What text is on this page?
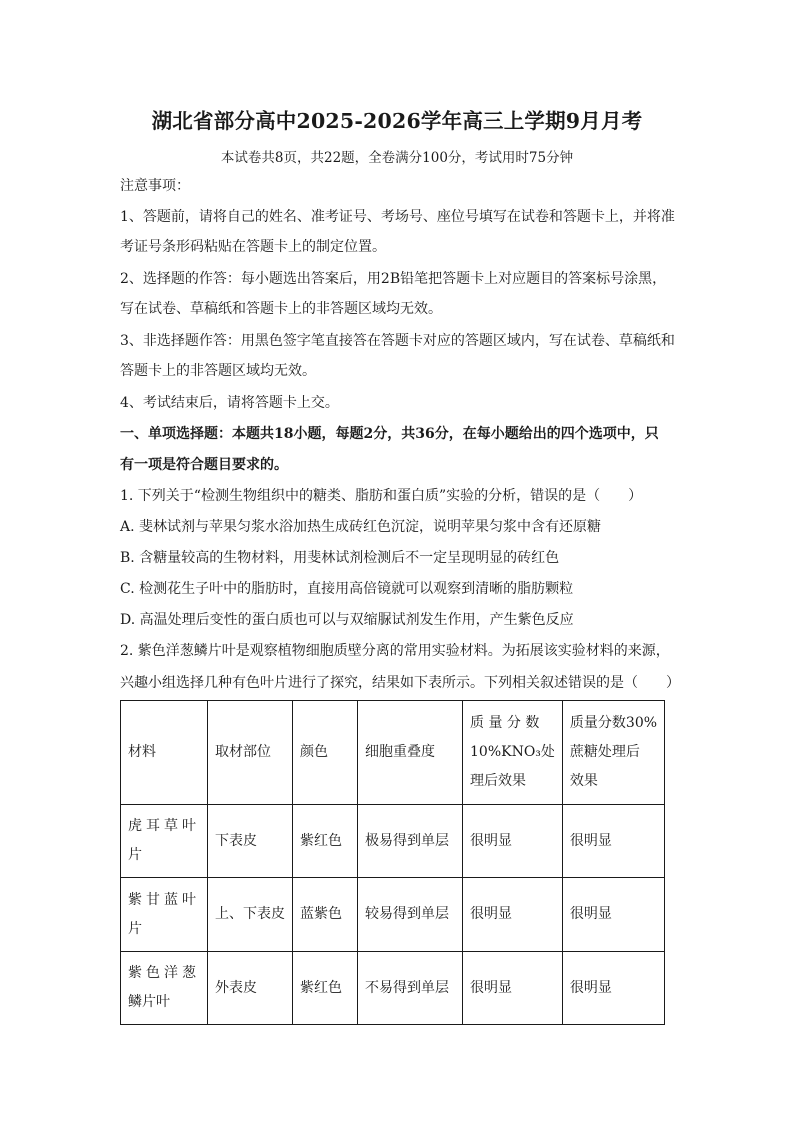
湖北省部分高中2025-2026学年高三上学期9月月考
本试卷共8页，共22题，全卷满分100分，考试用时75分钟
注意事项：
1、答题前，请将自己的姓名、准考证号、考场号、座位号填写在试卷和答题卡上，并将准
考证号条形码粘贴在答题卡上的制定位置。
2、选择题的作答：每小题选出答案后，用2B铅笔把答题卡上对应题目的答案标号涂黑，
写在试卷、草稿纸和答题卡上的非答题区域均无效。
3、非选择题作答：用黑色签字笔直接答在答题卡对应的答题区域内，写在试卷、草稿纸和
答题卡上的非答题区域均无效。
4、考试结束后，请将答题卡上交。
一、单项选择题：本题共18小题，每题2分，共36分，在每小题给出的四个选项中，只
有一项是符合题目要求的。
1. 下列关于“检测生物组织中的糖类、脂肪和蛋白质”实验的分析，错误的是（　　）
A. 斐林试剂与苹果匀浆水浴加热生成砖红色沉淀，说明苹果匀浆中含有还原糖
B. 含糖量较高的生物材料，用斐林试剂检测后不一定呈现明显的砖红色
C. 检测花生子叶中的脂肪时，直接用高倍镜就可以观察到清晰的脂肪颗粒
D. 高温处理后变性的蛋白质也可以与双缩脲试剂发生作用，产生紫色反应
2. 紫色洋葱鳞片叶是观察植物细胞质壁分离的常用实验材料。为拓展该实验材料的来源，
兴趣小组选择几种有色叶片进行了探究，结果如下表所示。下列相关叙述错误的是（　　）
材料	取材部位	颜色	细胞重叠度	质 量 分 数
10%KNO₃处
理后效果	质量分数30%
蔗糖处理后
效果

虎耳草叶
片	下表皮	紫红色	极易得到单层	很明显	很明显

紫甘蓝叶
片	上、下表皮	蓝紫色	较易得到单层	很明显	很明显

紫色洋葱
鳞片叶	外表皮	紫红色	不易得到单层	很明显	很明显
